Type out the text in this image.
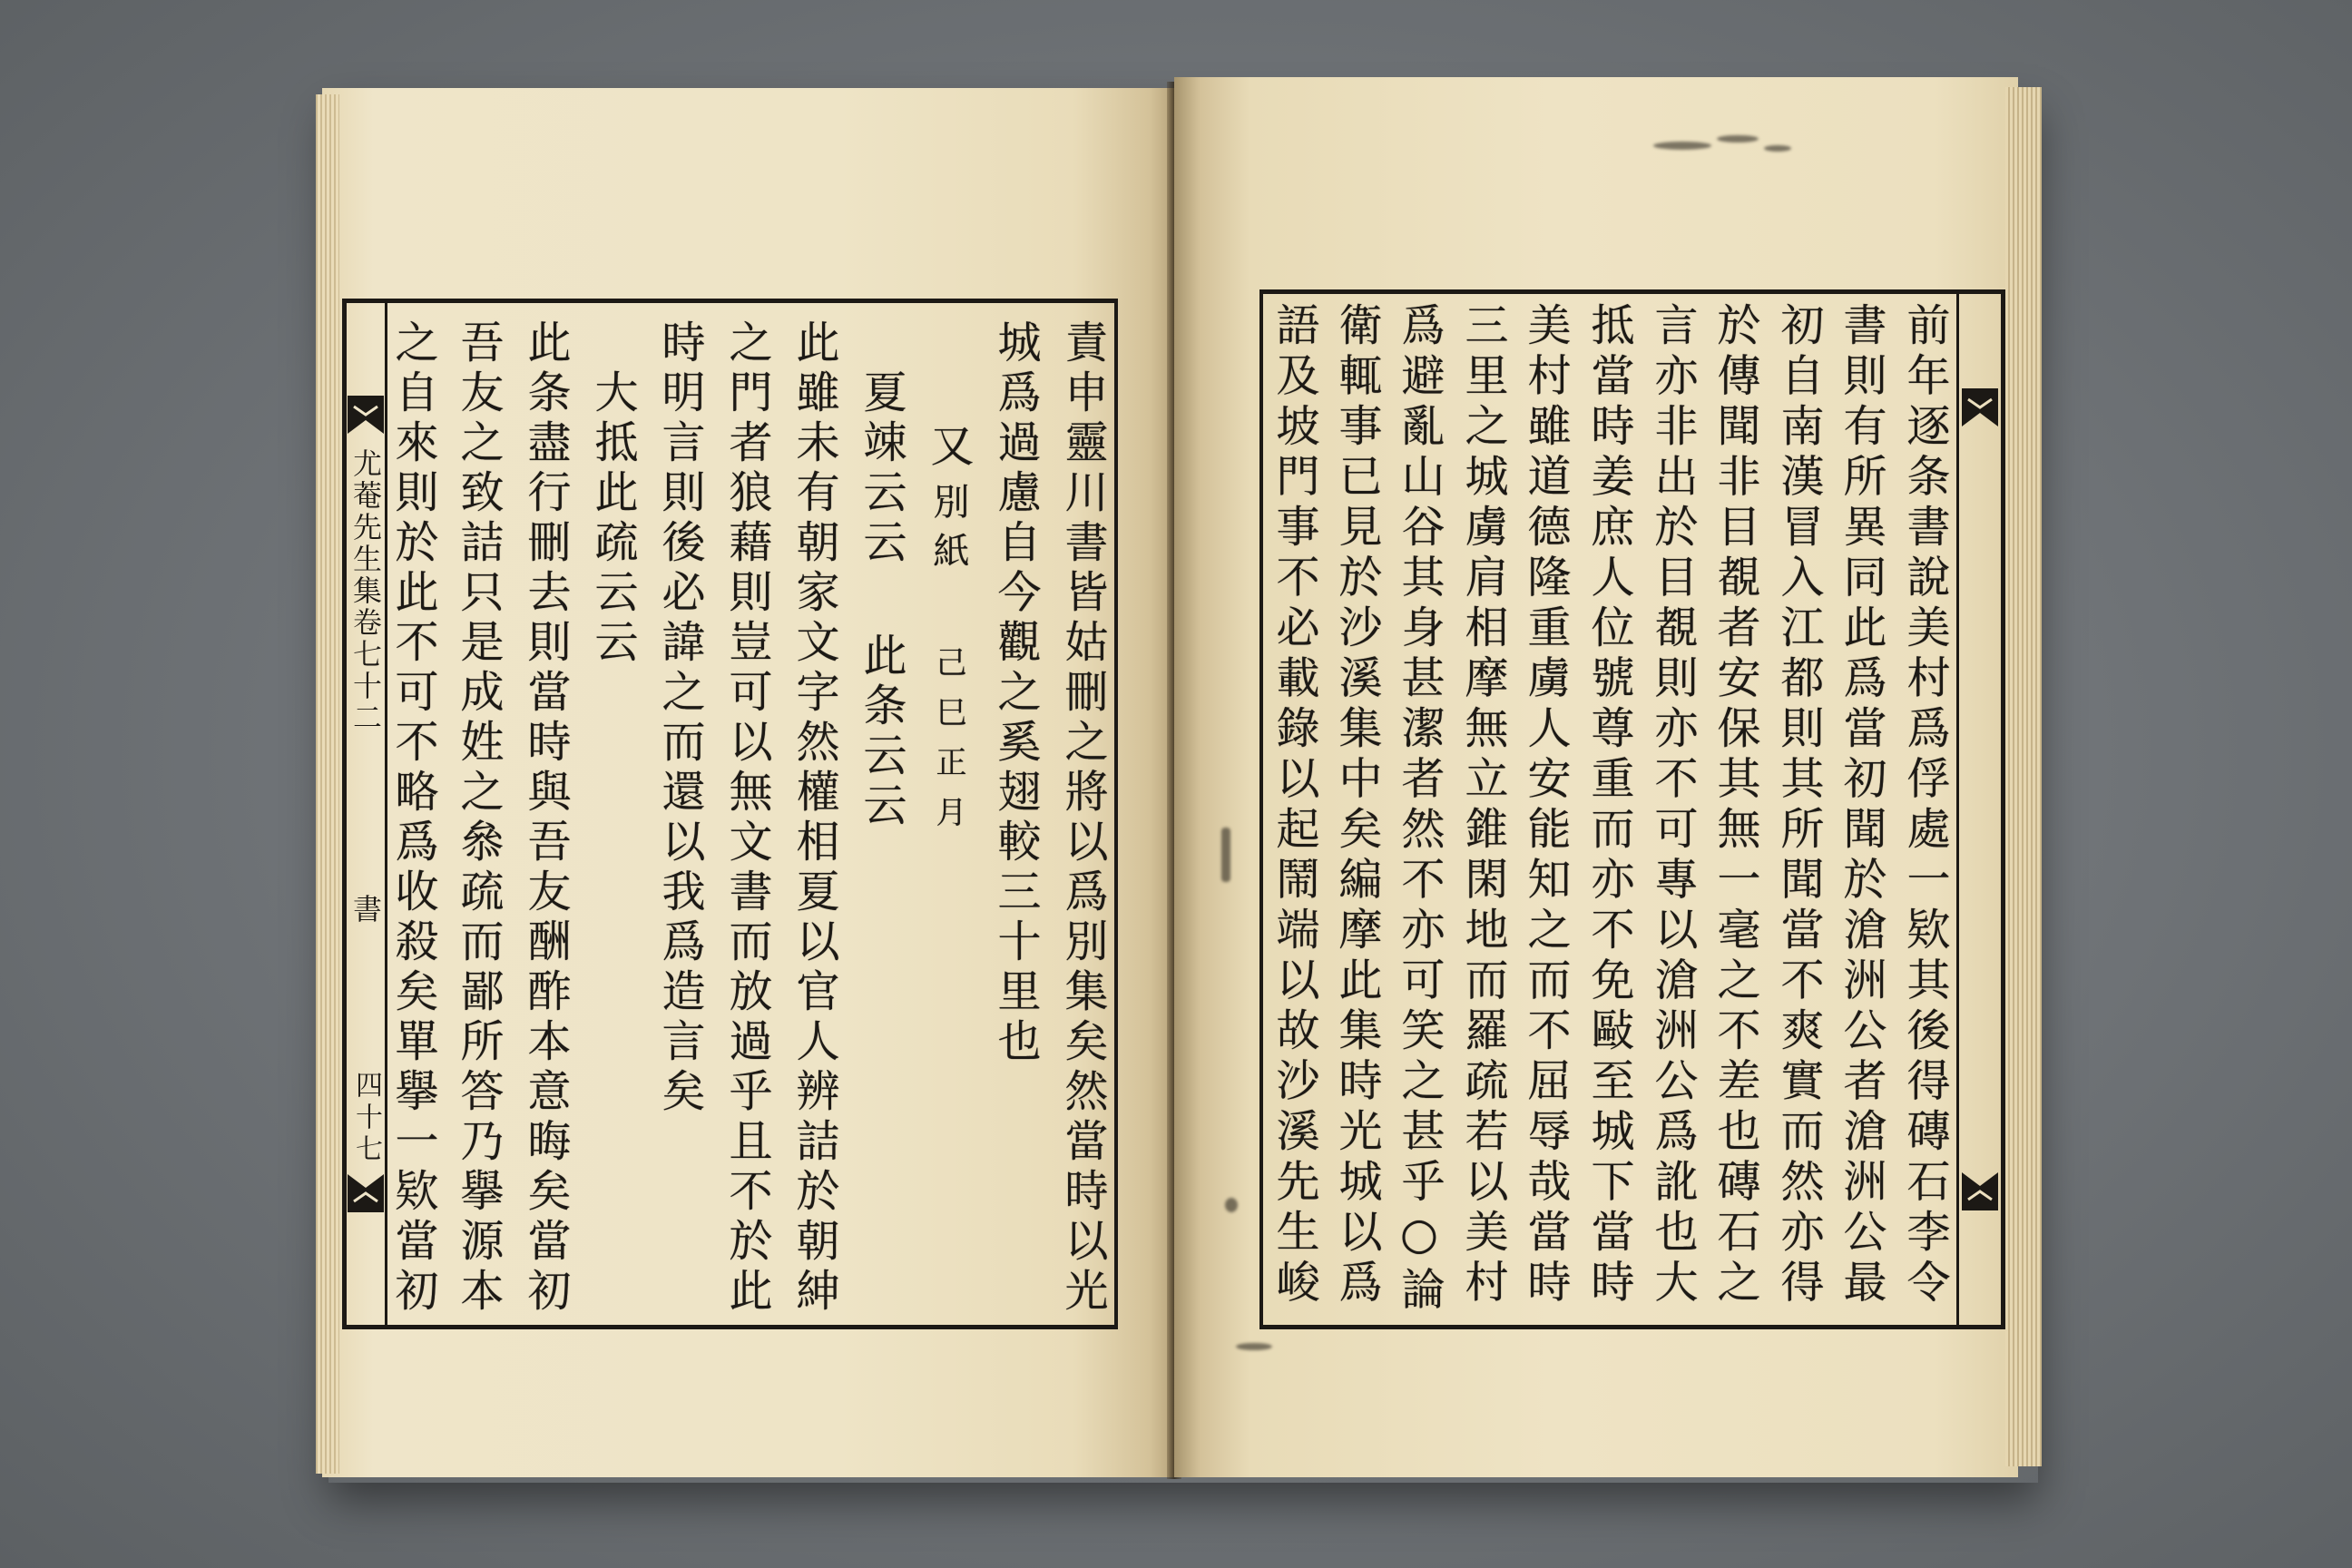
尤菴先生集卷七十二
書
四十七	責申靈川書皆姑刪之將以爲別集矣然當時以光
城爲過慮自今觀之奚翅較三十里也
又
別紙
己巳正月
夏竦云云
此条云云
此雖未有朝家文字然權相夏以官人辨詰於朝紳
之門者狼藉則豈可以無文書而放過乎且不於此
時明言則後必諱之而還以我爲造言矣
大抵此疏云云
此条盡行刪去則當時與吾友酬酢本意晦矣當初
吾友之致詰只是成姓之叅疏而鄙所答乃擧源本
之自來則於此不可不略爲收殺矣單擧一欵當初	前年逐条書說美村爲俘處一欵其後得磚石李令
書則有所異同此爲當初聞於滄洲公者滄洲公最
初自南漢冒入江都則其所聞當不爽實而然亦得
於傳聞非目覩者安保其無一毫之不差也磚石之
言亦非出於目覩則亦不可專以滄洲公爲訛也大
抵當時姜庶人位號尊重而亦不免敺至城下當時
美村雖道德隆重虜人安能知之而不屈辱哉當時
三里之城虜肩相摩無立錐閑地而羅疏若以美村
爲避亂山谷其身甚潔者然不亦可笑之甚乎○論
衛輒事已見於沙溪集中矣編摩此集時光城以爲
語及坡門事不必載錄以起鬧端以故沙溪先生峻
